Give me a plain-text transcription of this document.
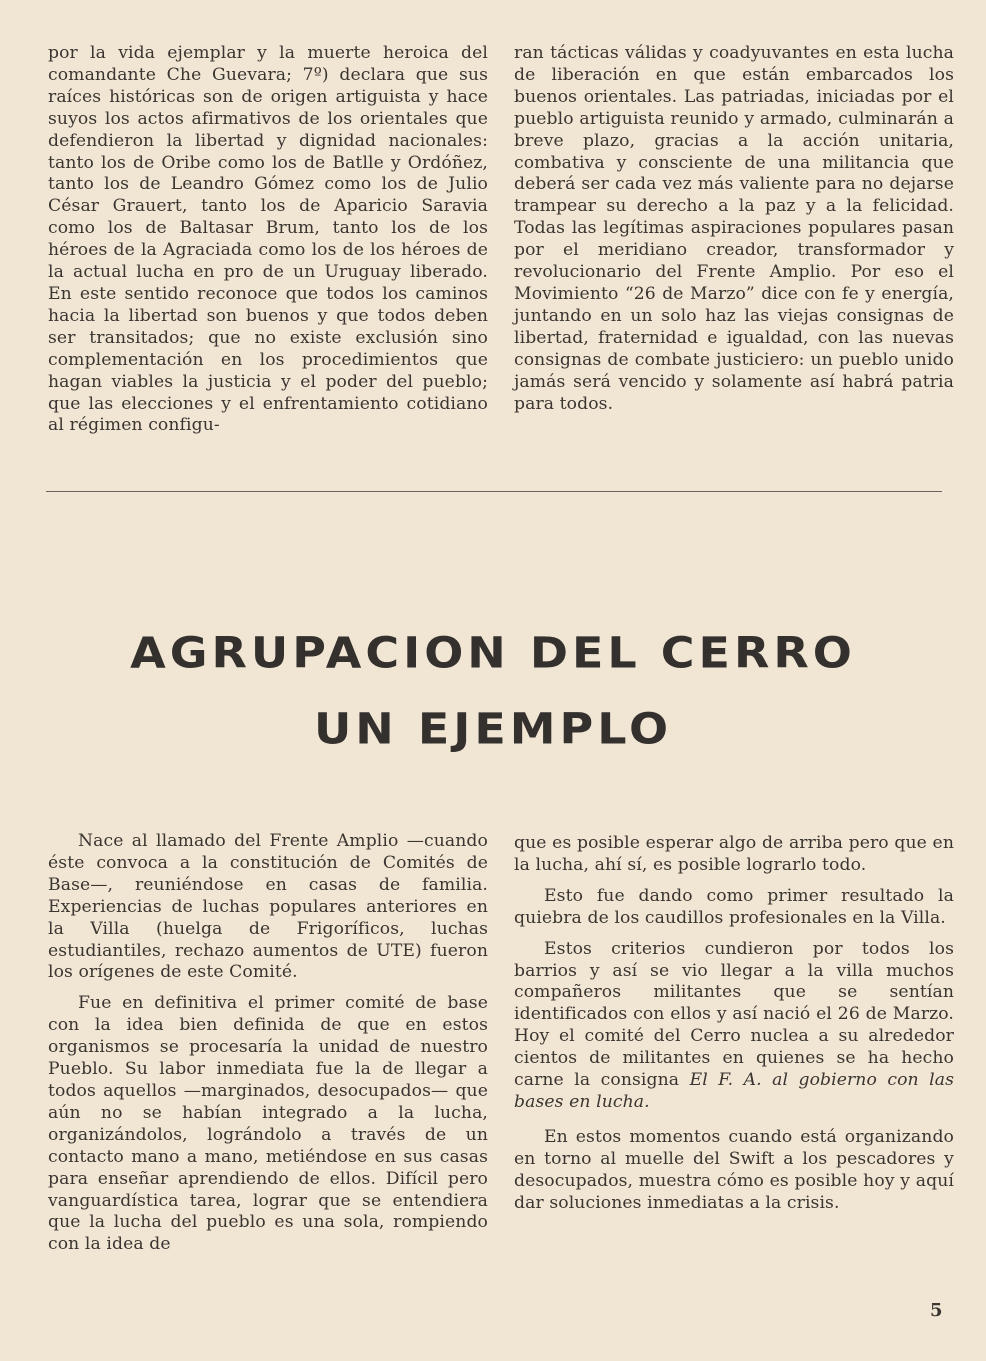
por la vida ejemplar y la muerte heroica del comandante Che Guevara; 7º) declara que sus raíces históricas son de origen artiguista y hace suyos los actos afirmativos de los orientales que defendieron la libertad y dignidad nacionales: tanto los de Oribe como los de Batlle y Ordóñez, tanto los de Leandro Gómez como los de Julio César Grauert, tanto los de Aparicio Saravia como los de Baltasar Brum, tanto los de los héroes de la Agraciada como los de los héroes de la actual lucha en pro de un Uruguay liberado. En este sentido reconoce que todos los caminos hacia la libertad son buenos y que todos deben ser transitados; que no existe exclusión sino complementación en los procedimientos que hagan viables la justicia y el poder del pueblo; que las elecciones y el enfrentamiento cotidiano al régimen configu-

ran tácticas válidas y coadyuvantes en esta lucha de liberación en que están embarcados los buenos orientales. Las patriadas, iniciadas por el pueblo artiguista reunido y armado, culminarán a breve plazo, gracias a la acción unitaria, combativa y consciente de una militancia que deberá ser cada vez más valiente para no dejarse trampear su derecho a la paz y a la felicidad. Todas las legítimas aspiraciones populares pasan por el meridiano creador, transformador y revolucionario del Frente Amplio. Por eso el Movimiento “26 de Marzo” dice con fe y energía, juntando en un solo haz las viejas consignas de libertad, fraternidad e igualdad, con las nuevas consignas de combate justiciero: un pueblo unido jamás será vencido y solamente así habrá patria para todos.

AGRUPACION DEL CERRO
UN EJEMPLO

Nace al llamado del Frente Amplio —cuando éste convoca a la constitución de Comités de Base—, reuniéndose en casas de familia. Experiencias de luchas populares anteriores en la Villa (huelga de Frigoríficos, luchas estudiantiles, rechazo aumentos de UTE) fueron los orígenes de este Comité.

Fue en definitiva el primer comité de base con la idea bien definida de que en estos organismos se procesaría la unidad de nuestro Pueblo. Su labor inmediata fue la de llegar a todos aquellos —marginados, desocupados— que aún no se habían integrado a la lucha, organizándolos, lográndolo a través de un contacto mano a mano, metiéndose en sus casas para enseñar aprendiendo de ellos. Difícil pero vanguardística tarea, lograr que se entendiera que la lucha del pueblo es una sola, rompiendo con la idea de

que es posible esperar algo de arriba pero que en la lucha, ahí sí, es posible lograrlo todo.

Esto fue dando como primer resultado la quiebra de los caudillos profesionales en la Villa.

Estos criterios cundieron por todos los barrios y así se vio llegar a la villa muchos compañeros militantes que se sentían identificados con ellos y así nació el 26 de Marzo. Hoy el comité del Cerro nuclea a su alrededor cientos de militantes en quienes se ha hecho carne la consigna El F. A. al gobierno con las bases en lucha.

En estos momentos cuando está organizando en torno al muelle del Swift a los pescadores y desocupados, muestra cómo es posible hoy y aquí dar soluciones inmediatas a la crisis.

5
